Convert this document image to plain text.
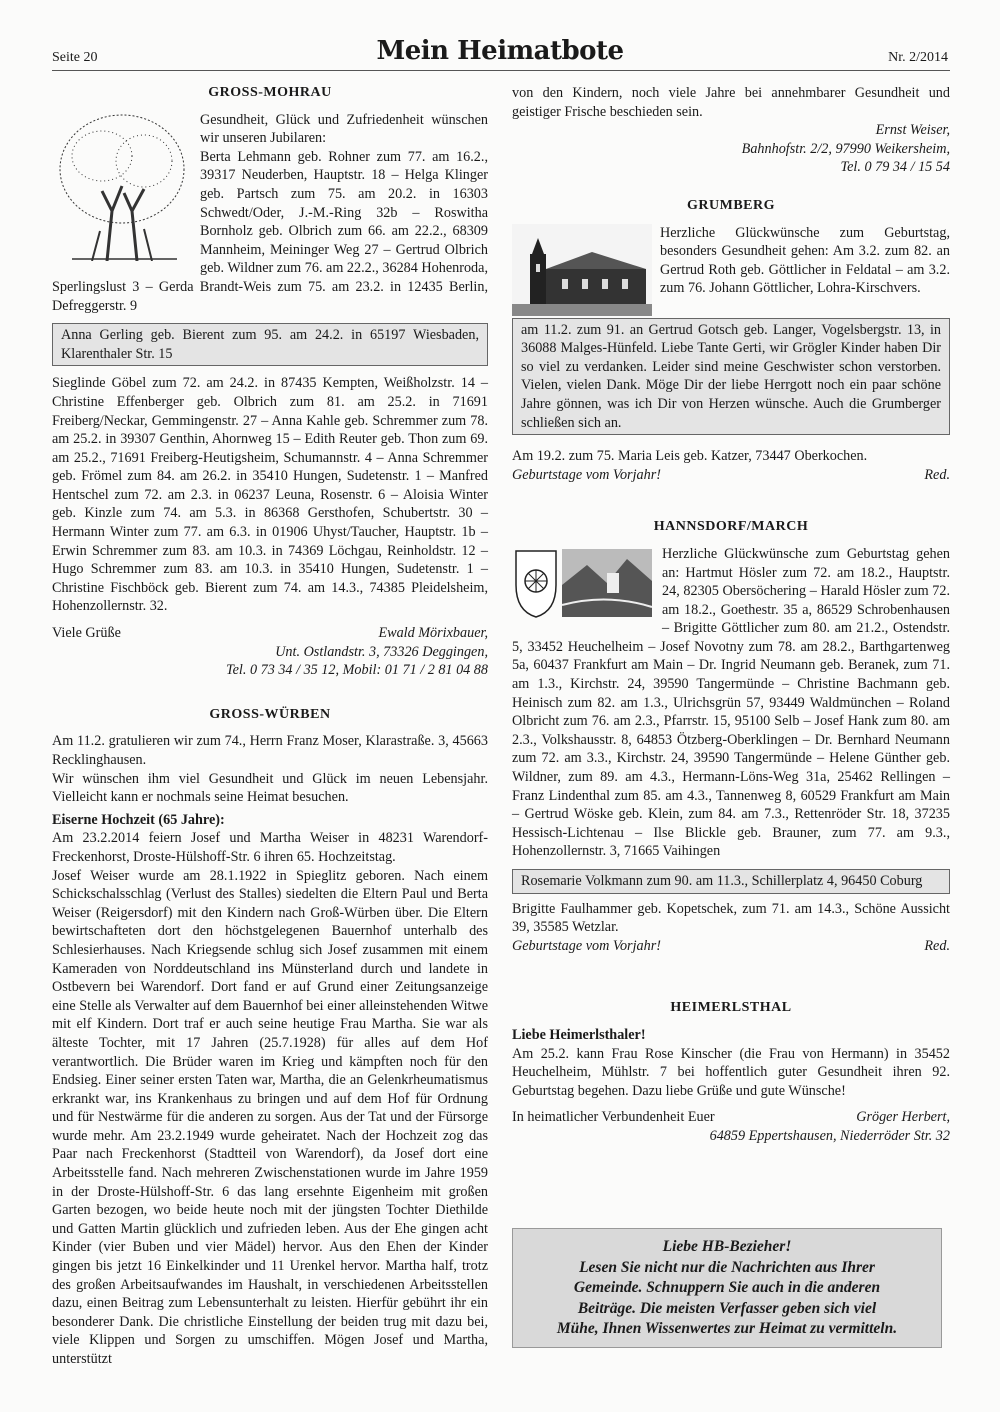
Seite 20	Mein Heimatbote	Nr. 2/2014
GROSS-MOHRAU

Gesundheit, Glück und Zufriedenheit wünschen wir unseren Jubilaren:

Berta Lehmann geb. Rohner zum 77. am 16.2., 39317 Neuderben, Hauptstr. 18 – Helga Klinger geb. Partsch zum 75. am 20.2. in 16303 Schwedt/Oder, J.-M.-Ring 32b – Roswitha Bornholz geb. Olbrich zum 66. am 22.2., 68309 Mannheim, Meininger Weg 27 – Gertrud Olbrich geb. Wildner zum 76. am 22.2., 36284 Hohenroda, Sperlingslust 3 – Gerda Brandt-Weis zum 75. am 23.2. in 12435 Berlin, Defreggerstr. 9

Anna Gerling geb. Bierent zum 95. am 24.2. in 65197 Wiesbaden, Klarenthaler Str. 15

Sieglinde Göbel zum 72. am 24.2. in 87435 Kempten, Weißholzstr. 14 – Christine Effenberger geb. Olbrich zum 81. am 25.2. in 71691 Freiberg/Neckar, Gemmingenstr. 27 – Anna Kahle geb. Schremmer zum 78. am 25.2. in 39307 Genthin, Ahornweg 15 – Edith Reuter geb. Thon zum 69. am 25.2., 71691 Freiberg-Heutigsheim, Schumannstr. 4 – Anna Schremmer geb. Frömel zum 84. am 26.2. in 35410 Hungen, Sudetenstr. 1 – Manfred Hentschel zum 72. am 2.3. in 06237 Leuna, Rosenstr. 6 – Aloisia Winter geb. Kinzle zum 74. am 5.3. in 86368 Gersthofen, Schubertstr. 30 – Hermann Winter zum 77. am 6.3. in 01906 Uhyst/Taucher, Hauptstr. 1b – Erwin Schremmer zum 83. am 10.3. in 74369 Löchgau, Reinholdstr. 12 – Hugo Schremmer zum 83. am 10.3. in 35410 Hungen, Sudetenstr. 1 – Christine Fischböck geb. Bierent zum 74. am 14.3., 74385 Pleidelsheim, Hohenzollernstr. 32.

Viele Grüße	Ewald Mörixbauer,
Unt. Ostlandstr. 3, 73326 Deggingen,
Tel. 0 73 34 / 35 12, Mobil: 01 71 / 2 81 04 88
GROSS-WÜRBEN

Am 11.2. gratulieren wir zum 74., Herrn Franz Moser, Klarastraße. 3, 45663 Recklinghausen.

Wir wünschen ihm viel Gesundheit und Glück im neuen Lebensjahr. Vielleicht kann er nochmals seine Heimat besuchen.

Eiserne Hochzeit (65 Jahre):

Am 23.2.2014 feiern Josef und Martha Weiser in 48231 Warendorf-Freckenhorst, Droste-Hülshoff-Str. 6 ihren 65. Hochzeitstag.

Josef Weiser wurde am 28.1.1922 in Spieglitz geboren. Nach einem Schickschalsschlag (Verlust des Stalles) siedelten die Eltern Paul und Berta Weiser (Reigersdorf) mit den Kindern nach Groß-Würben über. Die Eltern bewirtschafteten dort den höchstgelegenen Bauernhof unterhalb des Schlesierhauses. Nach Kriegsende schlug sich Josef zusammen mit einem Kameraden von Norddeutschland ins Münsterland durch und landete in Ostbevern bei Warendorf. Dort fand er auf Grund einer Zeitungsanzeige eine Stelle als Verwalter auf dem Bauernhof bei einer alleinstehenden Witwe mit elf Kindern. Dort traf er auch seine heutige Frau Martha. Sie war als älteste Tochter, mit 17 Jahren (25.7.1928) für alles auf dem Hof verantwortlich. Die Brüder waren im Krieg und kämpften noch für den Endsieg. Einer seiner ersten Taten war, Martha, die an Gelenkrheumatismus erkrankt war, ins Krankenhaus zu bringen und auf dem Hof für Ordnung und für Nestwärme für die anderen zu sorgen. Aus der Tat und der Fürsorge wurde mehr. Am 23.2.1949 wurde geheiratet. Nach der Hochzeit zog das Paar nach Freckenhorst (Stadtteil von Warendorf), da Josef dort eine Arbeitsstelle fand. Nach mehreren Zwischenstationen wurde im Jahre 1959 in der Droste-Hülshoff-Str. 6 das lang ersehnte Eigenheim mit großen Garten bezogen, wo beide heute noch mit der jüngsten Tochter Diethilde und Gatten Martin glücklich und zufrieden leben. Aus der Ehe gingen acht Kinder (vier Buben und vier Mädel) hervor. Aus den Ehen der Kinder gingen bis jetzt 16 Einkelkinder und 11 Urenkel hervor. Martha half, trotz des großen Arbeitsaufwandes im Haushalt, in verschiedenen Arbeitsstellen dazu, einen Beitrag zum Lebensunterhalt zu leisten. Hierfür gebührt ihr ein besonderer Dank. Die christliche Einstellung der beiden trug mit dazu bei, viele Klippen und Sorgen zu umschiffen. Mögen Josef und Martha, unterstützt

von den Kindern, noch viele Jahre bei annehmbarer Gesundheit und geistiger Frische beschieden sein.

Ernst Weiser,
Bahnhofstr. 2/2, 97990 Weikersheim,
Tel. 0 79 34 / 15 54
GRUMBERG

Herzliche Glückwünsche zum Geburtstag, besonders Gesundheit gehen: Am 3.2. zum 82. an Gertrud Roth geb. Göttlicher in Feldatal – am 3.2. zum 76. Johann Göttlicher, Lohra-Kirschvers.

am 11.2. zum 91. an Gertrud Gotsch geb. Langer, Vogelsbergstr. 13, in 36088 Malges-Hünfeld. Liebe Tante Gerti, wir Grögler Kinder haben Dir so viel zu verdanken. Leider sind meine Geschwister schon verstorben. Vielen, vielen Dank. Möge Dir der liebe Herrgott noch ein paar schöne Jahre gönnen, was ich Dir von Herzen wünsche. Auch die Grumberger schließen sich an.

Am 19.2. zum 75. Maria Leis geb. Katzer, 73447 Oberkochen.

Geburtstage vom Vorjahr!	Red.
HANNSDORF/MARCH

Herzliche Glückwünsche zum Geburtstag gehen an: Hartmut Hösler zum 72. am 18.2., Hauptstr. 24, 82305 Obersöchering – Harald Hösler zum 72. am 18.2., Goethestr. 35 a, 86529 Schrobenhausen – Brigitte Göttlicher zum 80. am 21.2., Ostendstr. 5, 33452 Heuchelheim – Josef Novotny zum 78. am 28.2., Barthgartenweg 5a, 60437 Frankfurt am Main – Dr. Ingrid Neumann geb. Beranek, zum 71. am 1.3., Kirchstr. 24, 39590 Tangermünde – Christine Bachmann geb. Heinisch zum 82. am 1.3., Ulrichsgrün 57, 93449 Waldmünchen – Roland Olbricht zum 76. am 2.3., Pfarrstr. 15, 95100 Selb – Josef Hank zum 80. am 2.3., Volkshausstr. 8, 64853 Ötzberg-Oberklingen – Dr. Bernhard Neumann zum 72. am 3.3., Kirchstr. 24, 39590 Tangermünde – Helene Günther geb. Wildner, zum 89. am 4.3., Hermann-Löns-Weg 31a, 25462 Rellingen – Franz Lindenthal zum 85. am 4.3., Tannenweg 8, 60529 Frankfurt am Main – Gertrud Wöske geb. Klein, zum 84. am 7.3., Rettenröder Str. 18, 37235 Hessisch-Lichtenau – Ilse Blickle geb. Brauner, zum 77. am 9.3., Hohenzollernstr. 3, 71665 Vaihingen

Rosemarie Volkmann zum 90. am 11.3., Schillerplatz 4, 96450 Coburg

Brigitte Faulhammer geb. Kopetschek, zum 71. am 14.3., Schöne Aussicht 39, 35585 Wetzlar.

Geburtstage vom Vorjahr!	Red.
HEIMERLSTHAL

Liebe Heimerlsthaler!

Am 25.2. kann Frau Rose Kinscher (die Frau von Hermann) in 35452 Heuchelheim, Mühlstr. 7 bei hoffentlich guter Gesundheit ihren 92. Geburtstag begehen. Dazu liebe Grüße und gute Wünsche!

In heimatlicher Verbundenheit Euer	Gröger Herbert,
64859 Eppertshausen, Niederröder Str. 32
Liebe HB-Bezieher!
Lesen Sie nicht nur die Nachrichten aus Ihrer
Gemeinde. Schnuppern Sie auch in die anderen
Beiträge. Die meisten Verfasser geben sich viel
Mühe, Ihnen Wissenwertes zur Heimat zu vermitteln.
